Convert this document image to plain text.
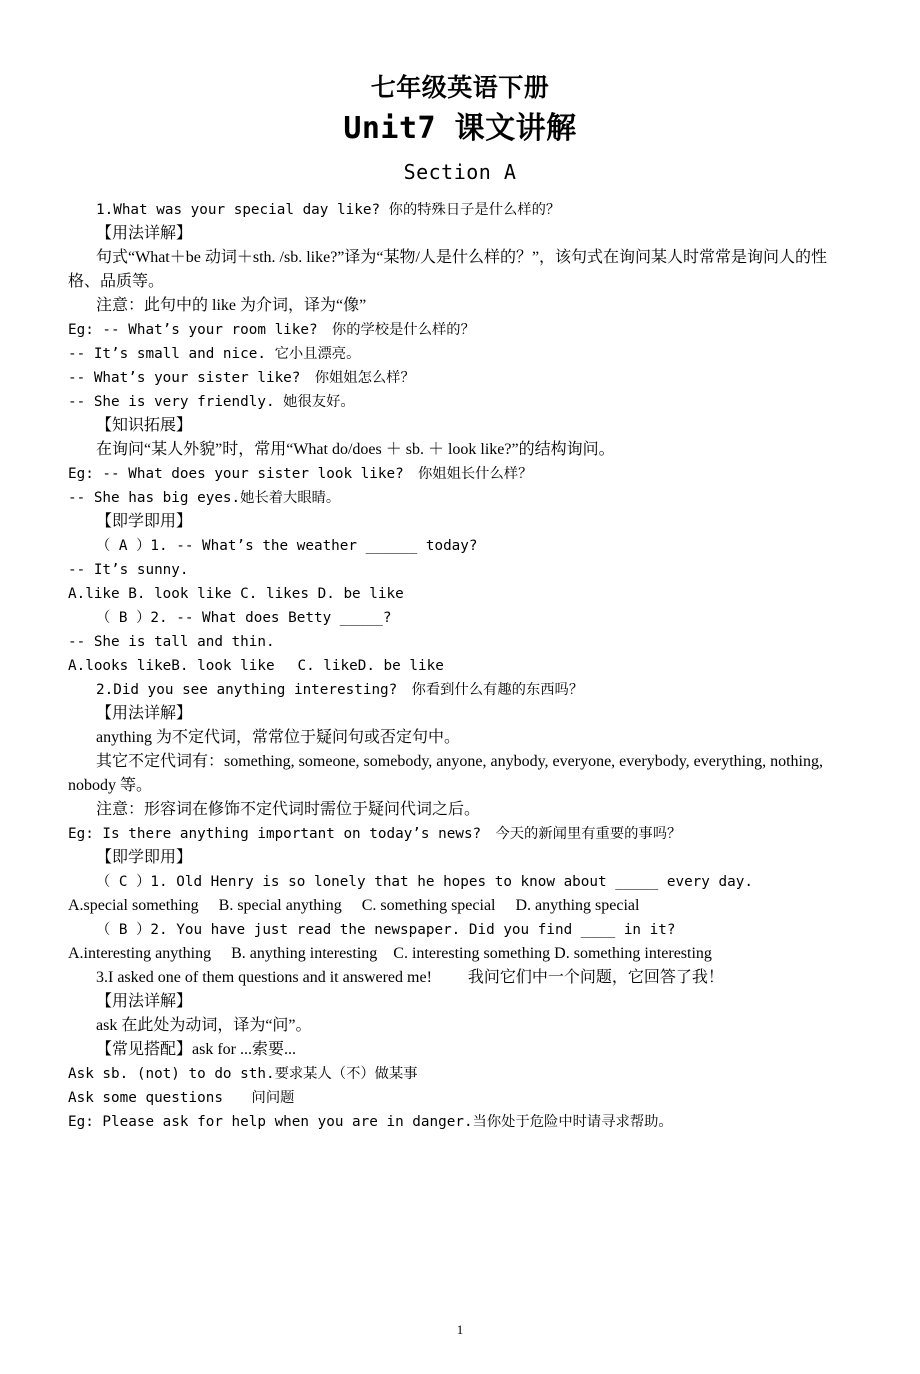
七年级英语下册
Unit7 课文讲解
Section A

1.What was your special day like? 你的特殊日子是什么样的？

【用法详解】

句式“What＋be 动词＋sth. /sb. like?”译为“某物/人是什么样的？”，该句式在询问某人时常常是询问人的性格、品质等。

注意：此句中的 like 为介词，译为“像”

Eg: -- What’s your room like?　你的学校是什么样的？

-- It’s small and nice. 它小且漂亮。

-- What’s your sister like?　你姐姐怎么样？

-- She is very friendly. 她很友好。

【知识拓展】

在询问“某人外貌”时，常用“What do/does ＋ sb. ＋ look like?”的结构询问。

Eg: -- What does your sister look like?　你姐姐长什么样？

-- She has big eyes.她长着大眼睛。

【即学即用】

（ A ）1. -- What’s the weather ______ today?

-- It’s sunny.

A.like B. look like C. likes D. be like

（ B ）2. -- What does Betty _____?

-- She is tall and thin.

A.looks likeB. look like　 C. likeD. be like

2.Did you see anything interesting?　你看到什么有趣的东西吗？

【用法详解】

anything 为不定代词，常常位于疑问句或否定句中。

其它不定代词有：something, someone, somebody, anyone, anybody, everyone, everybody, everything, nothing, nobody 等。

注意：形容词在修饰不定代词时需位于疑问代词之后。

Eg: Is there anything important on today’s news?　今天的新闻里有重要的事吗？

【即学即用】

（ C ）1. Old Henry is so lonely that he hopes to know about _____ every day.

A.special something　 B. special anything　 C. something special　 D. anything special

（ B ）2. You have just read the newspaper. Did you find ____ in it?

A.interesting anything　 B. anything interesting　C. interesting something D. something interesting

3.I asked one of them questions and it answered me!　　 我问它们中一个问题，它回答了我！

【用法详解】

ask 在此处为动词，译为“问”。

【常见搭配】ask for ...索要...

Ask sb. (not) to do sth.要求某人（不）做某事

Ask some questions　　问问题

Eg: Please ask for help when you are in danger.当你处于危险中时请寻求帮助。

1
